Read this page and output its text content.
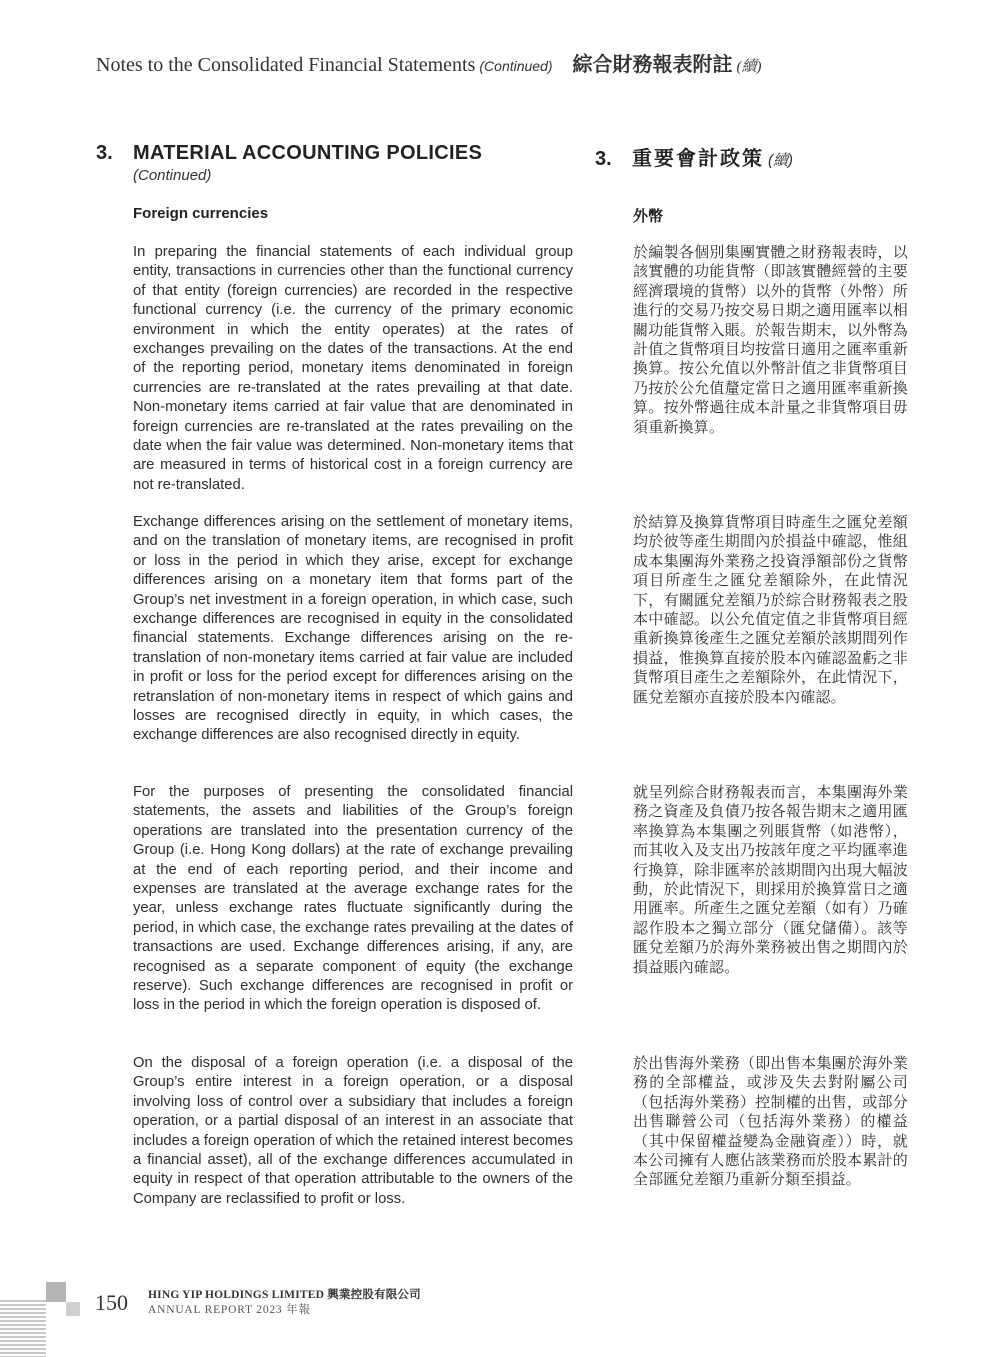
Notes to the Consolidated Financial Statements (Continued) 綜合財務報表附註 (續)
3. MATERIAL ACCOUNTING POLICIES
(Continued)
3. 重要會計政策 (續)
Foreign currencies

In preparing the financial statements of each individual group entity, transactions in currencies other than the functional currency of that entity (foreign currencies) are recorded in the respective functional currency (i.e. the currency of the primary economic environment in which the entity operates) at the rates of exchanges prevailing on the dates of the transactions. At the end of the reporting period, monetary items denominated in foreign currencies are re-translated at the rates prevailing at that date. Non-monetary items carried at fair value that are denominated in foreign currencies are re-translated at the rates prevailing on the date when the fair value was determined. Non-monetary items that are measured in terms of historical cost in a foreign currency are not re-translated.

Exchange differences arising on the settlement of monetary items, and on the translation of monetary items, are recognised in profit or loss in the period in which they arise, except for exchange differences arising on a monetary item that forms part of the Group’s net investment in a foreign operation, in which case, such exchange differences are recognised in equity in the consolidated financial statements. Exchange differences arising on the re-translation of non-monetary items carried at fair value are included in profit or loss for the period except for differences arising on the retranslation of non-monetary items in respect of which gains and losses are recognised directly in equity, in which cases, the exchange differences are also recognised directly in equity.

For the purposes of presenting the consolidated financial statements, the assets and liabilities of the Group’s foreign operations are translated into the presentation currency of the Group (i.e. Hong Kong dollars) at the rate of exchange prevailing at the end of each reporting period, and their income and expenses are translated at the average exchange rates for the year, unless exchange rates fluctuate significantly during the period, in which case, the exchange rates prevailing at the dates of transactions are used. Exchange differences arising, if any, are recognised as a separate component of equity (the exchange reserve). Such exchange differences are recognised in profit or loss in the period in which the foreign operation is disposed of.

On the disposal of a foreign operation (i.e. a disposal of the Group’s entire interest in a foreign operation, or a disposal involving loss of control over a subsidiary that includes a foreign operation, or a partial disposal of an interest in an associate that includes a foreign operation of which the retained interest becomes a financial asset), all of the exchange differences accumulated in equity in respect of that operation attributable to the owners of the Company are reclassified to profit or loss.

外幣

於編製各個別集團實體之財務報表時，以該實體的功能貨幣（即該實體經營的主要經濟環境的貨幣）以外的貨幣（外幣）所進行的交易乃按交易日期之適用匯率以相關功能貨幣入賬。於報告期末，以外幣為計值之貨幣項目均按當日適用之匯率重新換算。按公允值以外幣計值之非貨幣項目乃按於公允值釐定當日之適用匯率重新換算。按外幣過往成本計量之非貨幣項目毋須重新換算。

於結算及換算貨幣項目時產生之匯兌差額均於彼等產生期間內於損益中確認，惟組成本集團海外業務之投資淨額部份之貨幣項目所產生之匯兌差額除外，在此情況下，有關匯兌差額乃於綜合財務報表之股本中確認。以公允值定值之非貨幣項目經重新換算後產生之匯兌差額於該期間列作損益，惟換算直接於股本內確認盈虧之非貨幣項目產生之差額除外，在此情況下，匯兌差額亦直接於股本內確認。

就呈列綜合財務報表而言，本集團海外業務之資產及負債乃按各報告期末之適用匯率換算為本集團之列賬貨幣（如港幣），而其收入及支出乃按該年度之平均匯率進行換算，除非匯率於該期間內出現大幅波動，於此情況下，則採用於換算當日之適用匯率。所產生之匯兌差額（如有）乃確認作股本之獨立部分（匯兌儲備）。該等匯兌差額乃於海外業務被出售之期間內於損益賬內確認。

於出售海外業務（即出售本集團於海外業務的全部權益，或涉及失去對附屬公司（包括海外業務）控制權的出售，或部分出售聯營公司（包括海外業務）的權益（其中保留權益變為金融資產））時，就本公司擁有人應佔該業務而於股本累計的全部匯兌差額乃重新分類至損益。

150 HING YIP HOLDINGS LIMITED 興業控股有限公司
ANNUAL REPORT 2023 年報
